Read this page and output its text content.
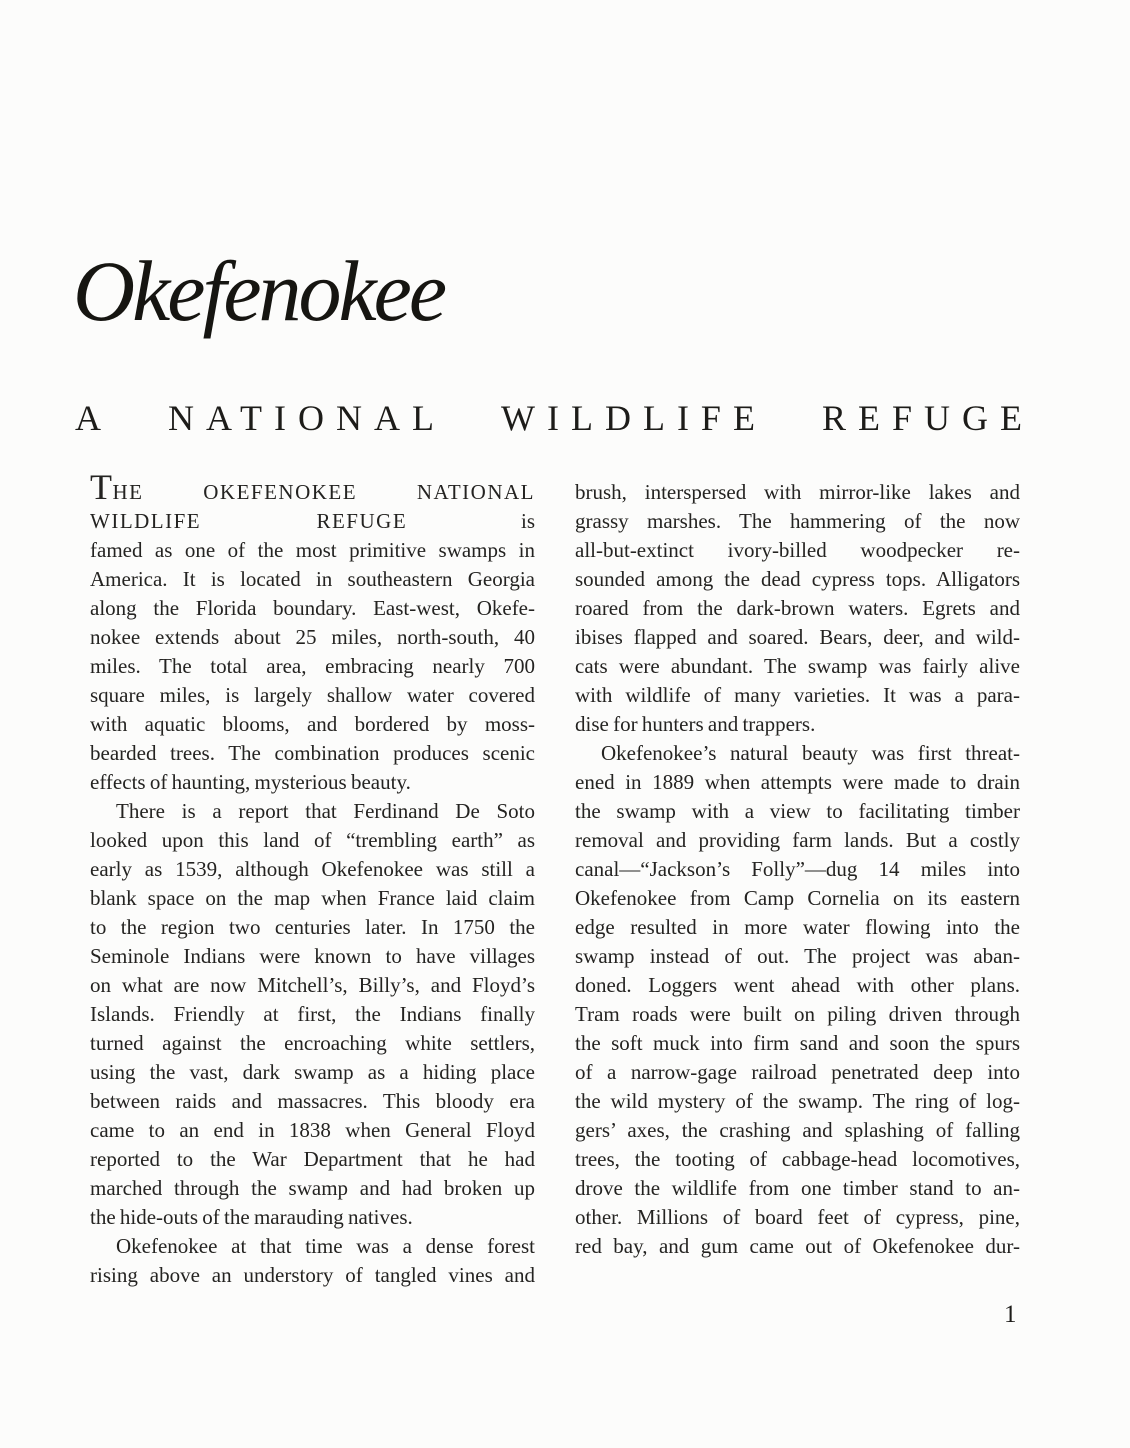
Okefenokee
A NATIONAL WILDLIFE REFUGE
THE OKEFENOKEE NATIONAL WILDLIFE REFUGE is
famed as one of the most primitive swamps in
America. It is located in southeastern Georgia
along the Florida boundary. East-west, Okefe-
nokee extends about 25 miles, north-south, 40
miles. The total area, embracing nearly 700
square miles, is largely shallow water covered
with aquatic blooms, and bordered by moss-
bearded trees. The combination produces scenic
effects of haunting, mysterious beauty.
There is a report that Ferdinand De Soto
looked upon this land of “trembling earth” as
early as 1539, although Okefenokee was still a
blank space on the map when France laid claim
to the region two centuries later. In 1750 the
Seminole Indians were known to have villages
on what are now Mitchell’s, Billy’s, and Floyd’s
Islands. Friendly at first, the Indians finally
turned against the encroaching white settlers,
using the vast, dark swamp as a hiding place
between raids and massacres. This bloody era
came to an end in 1838 when General Floyd
reported to the War Department that he had
marched through the swamp and had broken up
the hide-outs of the marauding natives.
Okefenokee at that time was a dense forest
rising above an understory of tangled vines and
brush, interspersed with mirror-like lakes and
grassy marshes. The hammering of the now
all-but-extinct ivory-billed woodpecker re-
sounded among the dead cypress tops. Alligators
roared from the dark-brown waters. Egrets and
ibises flapped and soared. Bears, deer, and wild-
cats were abundant. The swamp was fairly alive
with wildlife of many varieties. It was a para-
dise for hunters and trappers.
Okefenokee’s natural beauty was first threat-
ened in 1889 when attempts were made to drain
the swamp with a view to facilitating timber
removal and providing farm lands. But a costly
canal—“Jackson’s Folly”—dug 14 miles into
Okefenokee from Camp Cornelia on its eastern
edge resulted in more water flowing into the
swamp instead of out. The project was aban-
doned. Loggers went ahead with other plans.
Tram roads were built on piling driven through
the soft muck into firm sand and soon the spurs
of a narrow-gage railroad penetrated deep into
the wild mystery of the swamp. The ring of log-
gers’ axes, the crashing and splashing of falling
trees, the tooting of cabbage-head locomotives,
drove the wildlife from one timber stand to an-
other. Millions of board feet of cypress, pine,
red bay, and gum came out of Okefenokee dur-
1
